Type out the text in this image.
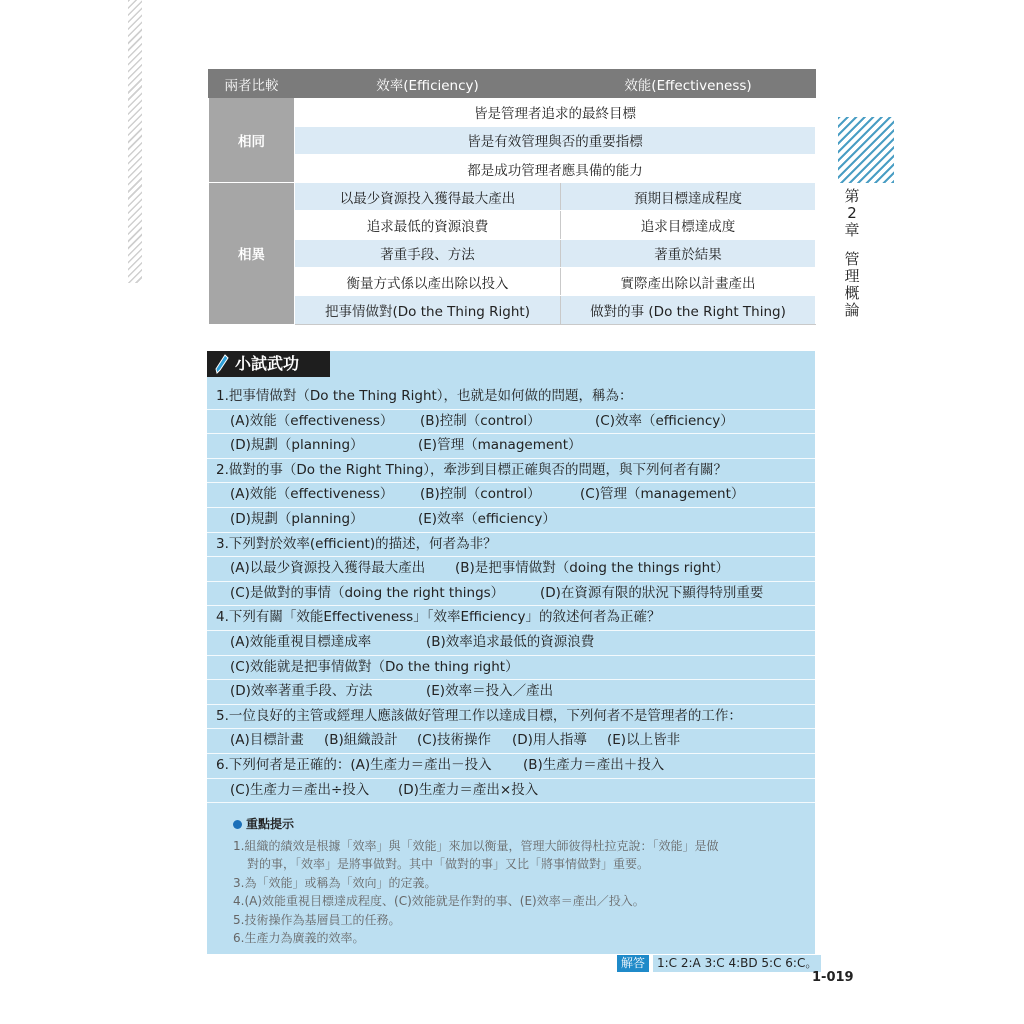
第
2
章
管
理
概
論
兩者比較	效率(Efficiency)	效能(Effectiveness)
相同	皆是管理者追求的最終目標	
	皆是有效管理與否的重要指標	
	都是成功管理者應具備的能力	
相異	以最少資源投入獲得最大產出	預期目標達成程度
	追求最低的資源浪費	追求目標達成度
	著重手段、方法	著重於結果
	衡量方式係以產出除以投入	實際產出除以計畫產出
	把事情做對(Do the Thing Right)	做對的事 (Do the Right Thing)
小試武功
1.把事情做對（Do the Thing Right），也就是如何做的問題，稱為：
(A)效能（effectiveness） (B)控制（control）	(C)效率（efficiency）
(D)規劃（planning）	(E)管理（management）
2.做對的事（Do the Right Thing），牽涉到目標正確與否的問題，與下列何者有關？
(A)效能（effectiveness） (B)控制（control）	(C)管理（management）
(D)規劃（planning）	(E)效率（efficiency）
3.下列對於效率(efficient)的描述，何者為非？
(A)以最少資源投入獲得最大產出 (B)是把事情做對（doing the things right）
(C)是做對的事情（doing the right things）	(D)在資源有限的狀況下顯得特別重要
4.下列有關「效能Effectiveness」「效率Efficiency」的敘述何者為正確？
(A)效能重視目標達成率	(B)效率追求最低的資源浪費
(C)效能就是把事情做對（Do the thing right）
(D)效率著重手段、方法	(E)效率＝投入／產出
5.一位良好的主管或經理人應該做好管理工作以達成目標，下列何者不是管理者的工作：
(A)目標計畫 (B)組織設計 (C)技術操作 (D)用人指導 (E)以上皆非
6.下列何者是正確的：(A)生產力＝產出－投入 (B)生產力＝產出＋投入
(C)生產力＝產出÷投入 (D)生產力＝產出×投入
重點提示

1.組織的績效是根據「效率」與「效能」來加以衡量，管理大師彼得杜拉克說：「效能」是做

對的事，「效率」是將事做對。其中「做對的事」又比「將事情做對」重要。

3.為「效能」或稱為「效向」的定義。

4.(A)效能重視目標達成程度、(C)效能就是作對的事、(E)效率＝產出／投入。

5.技術操作為基層員工的任務。

6.生產力為廣義的效率。

解答	1:C 2:A 3:C 4:BD 5:C 6:C。
1-019
